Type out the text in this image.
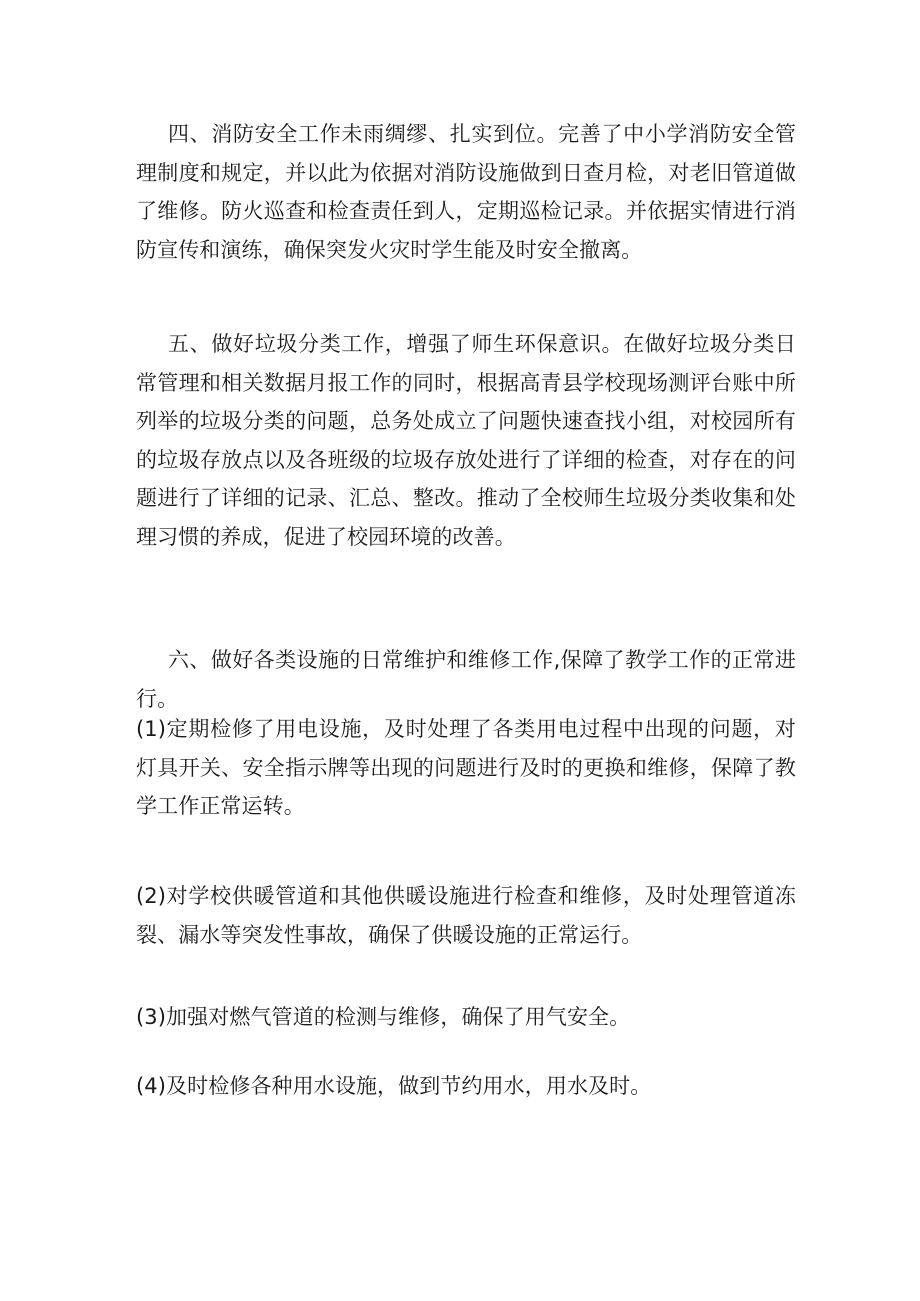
四、消防安全工作未雨绸缪、扎实到位。完善了中小学消防安全管理制度和规定，并以此为依据对消防设施做到日查月检，对老旧管道做了维修。防火巡查和检查责任到人，定期巡检记录。并依据实情进行消防宣传和演练，确保突发火灾时学生能及时安全撤离。

五、做好垃圾分类工作，增强了师生环保意识。在做好垃圾分类日常管理和相关数据月报工作的同时，根据高青县学校现场测评台账中所列举的垃圾分类的问题，总务处成立了问题快速查找小组，对校园所有的垃圾存放点以及各班级的垃圾存放处进行了详细的检查，对存在的问题进行了详细的记录、汇总、整改。推动了全校师生垃圾分类收集和处理习惯的养成，促进了校园环境的改善。

六、做好各类设施的日常维护和维修工作,保障了教学工作的正常进行。

(1)定期检修了用电设施，及时处理了各类用电过程中出现的问题，对灯具开关、安全指示牌等出现的问题进行及时的更换和维修，保障了教学工作正常运转。

(2)对学校供暖管道和其他供暖设施进行检查和维修，及时处理管道冻裂、漏水等突发性事故，确保了供暖设施的正常运行。

(3)加强对燃气管道的检测与维修，确保了用气安全。

(4)及时检修各种用水设施，做到节约用水，用水及时。
